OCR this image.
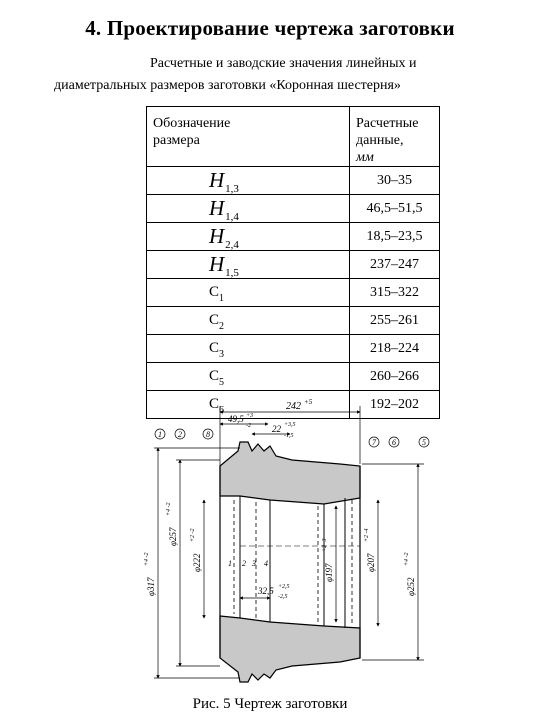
4. Проектирование чертежа заготовки
Расчетные и заводские значения линейных и
диаметральных размеров заготовки «Коронная шестерня»
Обозначение
размера	Расчетные данные,
мм

$H_{1,3}$	30–35
$H_{1,4}$	46,5–51,5
$H_{2,4}$	18,5–23,5
$H_{1,5}$	237–247
$C_1$	315–322
$C_2$	255–261
$C_3$	218–224
$C_5$	260–266
$C_6$	192–202
1 2	8
7 6	5
1 2 3 4
242 +5
49,5 +3
-2 22 +3,5
-1,5
32,5 +2,5
-2,5
φ317
+4 -2
φ257
+4 -2
φ222
+2 -2
φ197
+2 -3
φ207
+2 -4
φ252
+4 -2
Рис. 5 Чертеж заготовки
